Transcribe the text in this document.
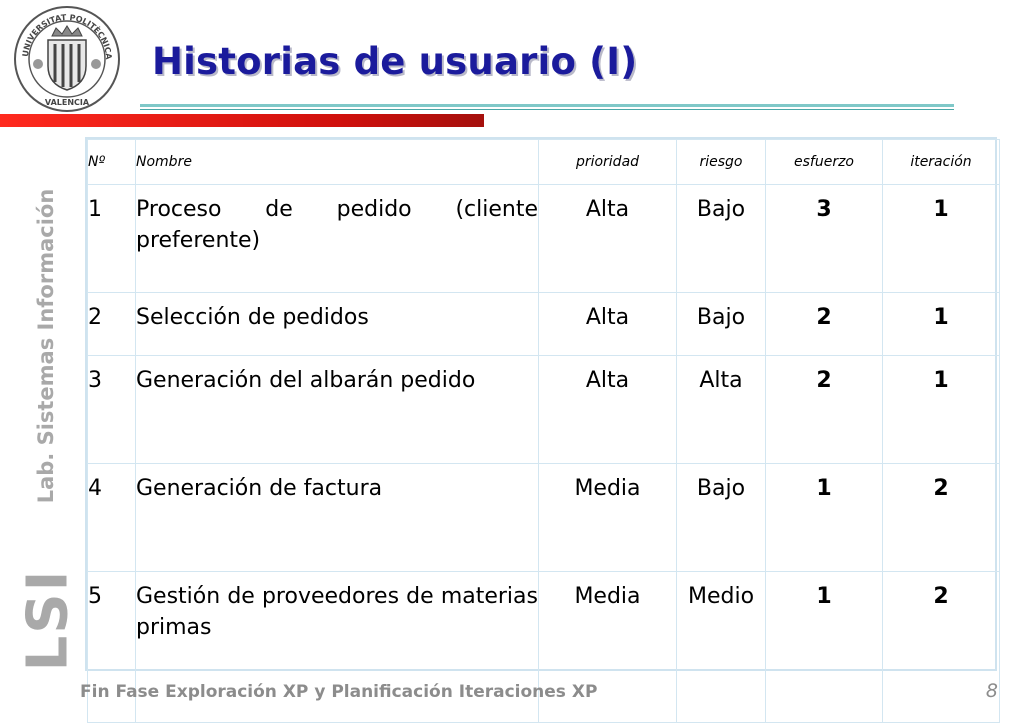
UNIVERSITAT POLITÈCNICA
VALENCIA
Historias de usuario (I)
Lab. Sistemas Información
LSI
Nº	Nombre	prioridad	riesgo	esfuerzo	iteración
1	Proceso de pedido (cliente preferente)	Alta	Bajo	3	1
2	Selección de pedidos	Alta	Bajo	2	1
3	Generación del albarán pedido	Alta	Alta	2	1
4	Generación de factura	Media	Bajo	1	2
5	Gestión de proveedores de materias primas	Media	Medio	1	2
Fin Fase Exploración XP y Planificación Iteraciones XP	8
